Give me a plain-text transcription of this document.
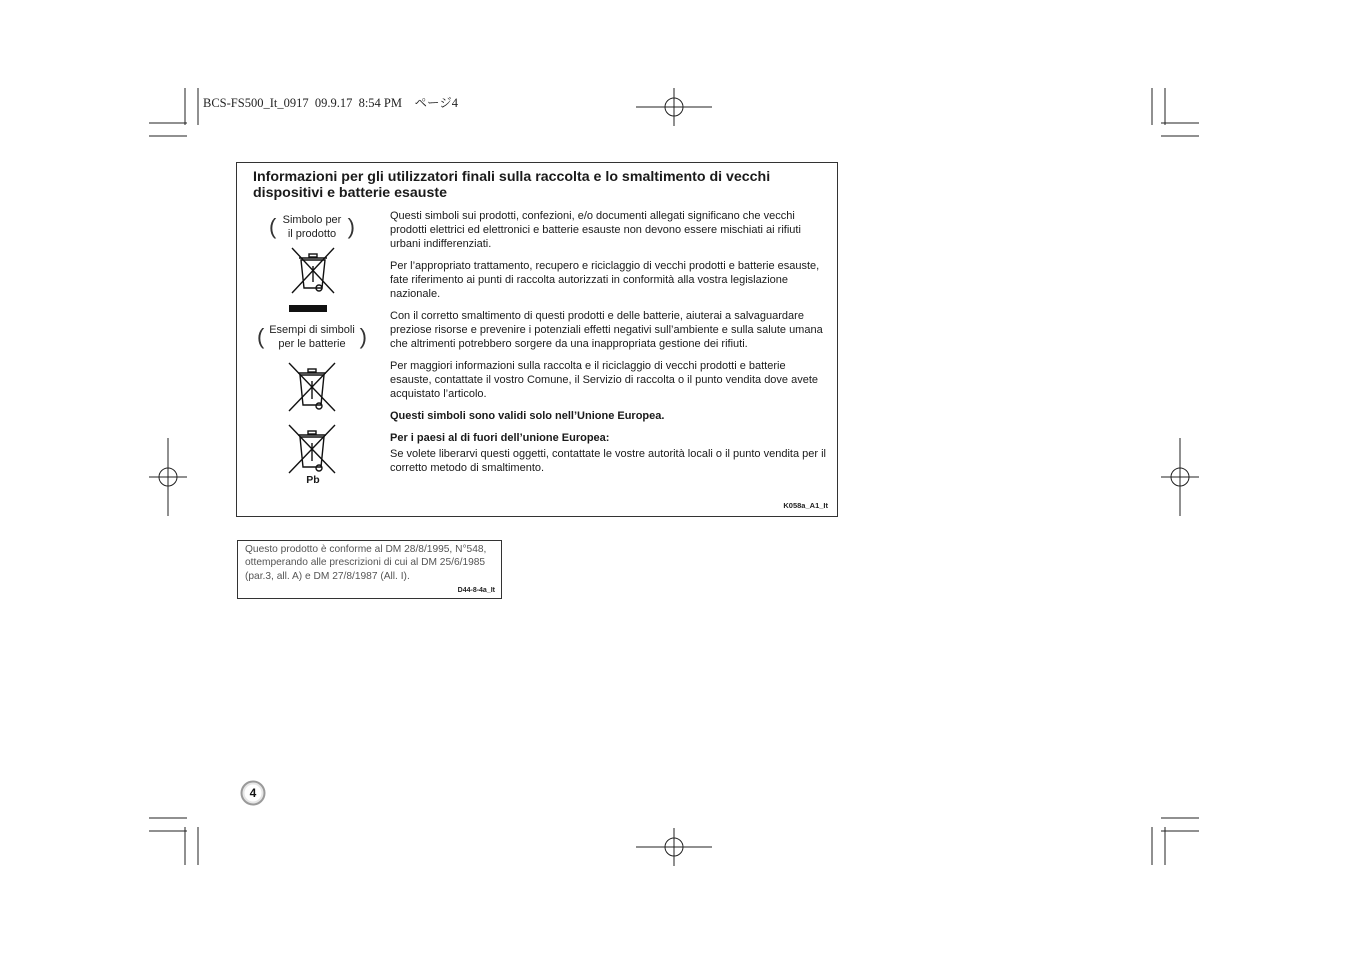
BCS-FS500_It_0917  09.9.17  8:54 PM    ページ4
Informazioni per gli utilizzatori finali sulla raccolta e lo smaltimento di vecchi dispositivi e batterie esauste
( Simbolo per
il prodotto )
( Esempi di simboli
per le batterie )
Pb

Questi simboli sui prodotti, confezioni, e/o documenti allegati significano che vecchi prodotti elettrici ed elettronici e batterie esauste non devono essere mischiati ai rifiuti urbani indifferenziati.

Per l’appropriato trattamento, recupero e riciclaggio di vecchi prodotti e batterie esauste, fate riferimento ai punti di raccolta autorizzati in conformità alla vostra legislazione nazionale.

Con il corretto smaltimento di questi prodotti e delle batterie, aiuterai a salvaguardare preziose risorse e prevenire i potenziali effetti negativi sull’ambiente e sulla salute umana che altrimenti potrebbero sorgere da una inappropriata gestione dei rifiuti.

Per maggiori informazioni sulla raccolta e il riciclaggio di vecchi prodotti e batterie esauste, contattate il vostro Comune, il Servizio di raccolta o il punto vendita dove avete acquistato l’articolo.

Questi simboli sono validi solo nell’Unione Europea.

Per i paesi al di fuori dell’unione Europea:

Se volete liberarvi questi oggetti, contattate le vostre autorità locali o il punto vendita per il corretto metodo di smaltimento.

K058a_A1_It
Questo prodotto è conforme al DM 28/8/1995, N°548, ottemperando alle prescrizioni di cui al DM 25/6/1985 (par.3, all. A) e DM 27/8/1987 (All. I).
D44-8-4a_It
4
